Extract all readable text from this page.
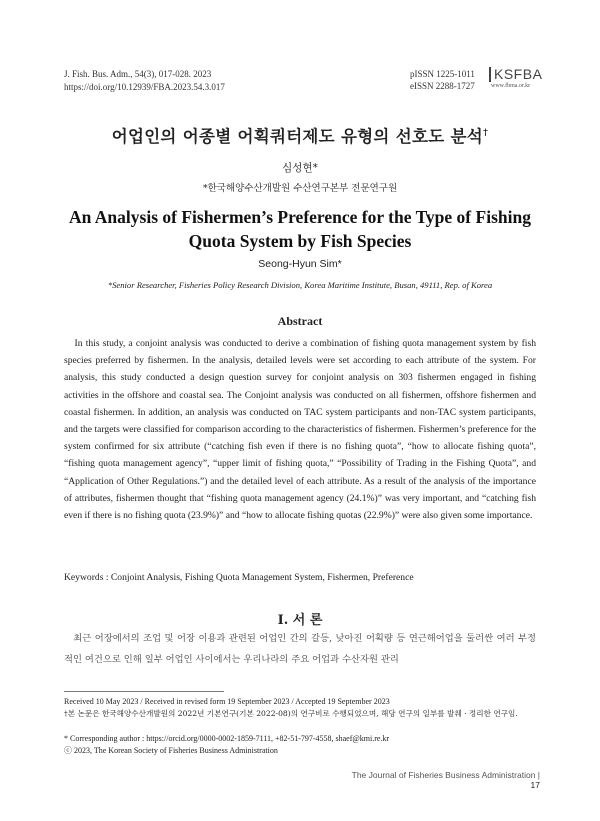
J. Fish. Bus. Adm., 54(3), 017-028. 2023
https://doi.org/10.12939/FBA.2023.54.3.017
pISSN 1225-1011
eISSN 2288-1727
KSFBA
www.fbma.or.kr
어업인의 어종별 어획쿼터제도 유형의 선호도 분석†
심성현*
*한국해양수산개발원 수산연구본부 전문연구원
An Analysis of Fishermen’s Preference for the Type of Fishing Quota System by Fish Species
Seong-Hyun Sim*
*Senior Researcher, Fisheries Policy Research Division, Korea Maritime Institute, Busan, 49111, Rep. of Korea
Abstract

In this study, a conjoint analysis was conducted to derive a combination of fishing quota management system by fish species preferred by fishermen. In the analysis, detailed levels were set according to each attribute of the system. For analysis, this study conducted a design question survey for conjoint analysis on 303 fishermen engaged in fishing activities in the offshore and coastal sea. The Conjoint analysis was conducted on all fishermen, offshore fishermen and coastal fishermen. In addition, an analysis was conducted on TAC system participants and non-TAC system participants, and the targets were classified for comparison according to the characteristics of fishermen. Fishermen’s preference for the system confirmed for six attribute (“catching fish even if there is no fishing quota”, “how to allocate fishing quota”, “fishing quota management agency”, “upper limit of fishing quota,” “Possibility of Trading in the Fishing Quota”, and “Application of Other Regulations.”) and the detailed level of each attribute. As a result of the analysis of the importance of attributes, fishermen thought that “fishing quota management agency (24.1%)” was very important, and “catching fish even if there is no fishing quota (23.9%)” and “how to allocate fishing quotas (22.9%)” were also given some importance.

Keywords : Conjoint Analysis, Fishing Quota Management System, Fishermen, Preference
Ⅰ. 서 론

최근 어장에서의 조업 및 어장 이용과 관련된 어업인 간의 갈등, 낮아진 어획량 등 연근해어업을 둘러싼 여러 부정적인 여건으로 인해 일부 어업인 사이에서는 우리나라의 주요 어업과 수산자원 관리

Received 10 May 2023 / Received in revised form 19 September 2023 / Accepted 19 September 2023
†본 논문은 한국해양수산개발원의 2022년 기본연구(기본 2022-08)의 연구비로 수행되었으며, 해당 연구의 일부를 발췌 · 정리한 연구임.
* Corresponding author : https://orcid.org/0000-0002-1859-7111, +82-51-797-4558, shaef@kmi.re.kr
ⓒ 2023, The Korean Society of Fisheries Business Administration
The Journal of Fisheries Business Administration | 17
